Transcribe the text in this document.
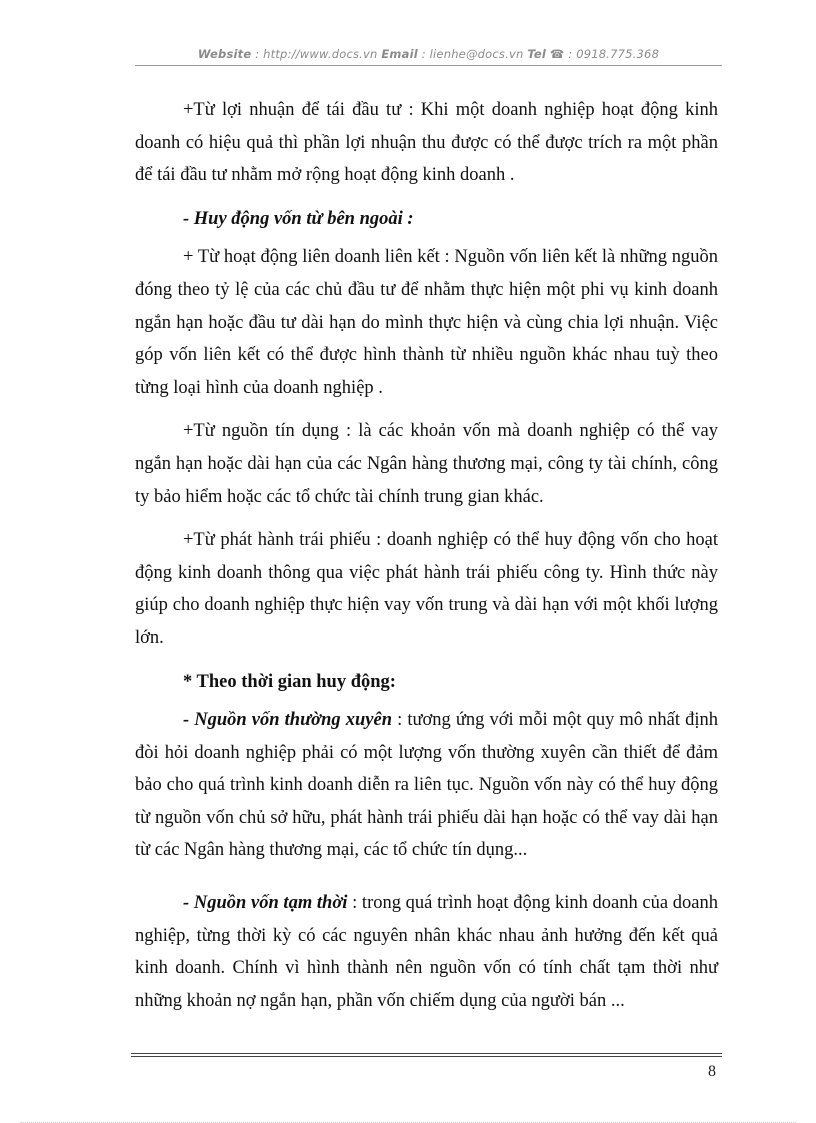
Website : http://www.docs.vn Email : lienhe@docs.vn Tel ☎ : 0918.775.368

+Từ lợi nhuận để tái đầu tư : Khi một doanh nghiệp hoạt động kinh doanh có hiệu quả thì phần lợi nhuận thu được có thể được trích ra một phần để tái đầu tư nhằm mở rộng hoạt động kinh doanh .

- Huy động vốn từ bên ngoài :

+ Từ hoạt động liên doanh liên kết : Nguồn vốn liên kết là những nguồn đóng theo tỷ lệ của các chủ đầu tư để nhằm thực hiện một phi vụ kinh doanh ngắn hạn hoặc đầu tư dài hạn do mình thực hiện và cùng chia lợi nhuận. Việc góp vốn liên kết có thể được hình thành từ nhiều nguồn khác nhau tuỳ theo từng loại hình của doanh nghiệp .

+Từ nguồn tín dụng : là các khoản vốn mà doanh nghiệp có thể vay ngắn hạn hoặc dài hạn của các Ngân hàng thương mại, công ty tài chính, công ty bảo hiểm hoặc các tổ chức tài chính trung gian khác.

+Từ phát hành trái phiếu : doanh nghiệp có thể huy động vốn cho hoạt động kinh doanh thông qua việc phát hành trái phiếu công ty. Hình thức này giúp cho doanh nghiệp thực hiện vay vốn trung và dài hạn với một khối lượng lớn.

* Theo thời gian huy động:

- Nguồn vốn thường xuyên : tương ứng với mỗi một quy mô nhất định đòi hỏi doanh nghiệp phải có một lượng vốn thường xuyên cần thiết để đảm bảo cho quá trình kinh doanh diễn ra liên tục. Nguồn vốn này có thể huy động từ nguồn vốn chủ sở hữu, phát hành trái phiếu dài hạn hoặc có thể vay dài hạn từ các Ngân hàng thương mại, các tổ chức tín dụng...

- Nguồn vốn tạm thời : trong quá trình hoạt động kinh doanh của doanh nghiệp, từng thời kỳ có các nguyên nhân khác nhau ảnh hưởng đến kết quả kinh doanh. Chính vì hình thành nên nguồn vốn có tính chất tạm thời như những khoản nợ ngắn hạn, phần vốn chiếm dụng của người bán ...

8
